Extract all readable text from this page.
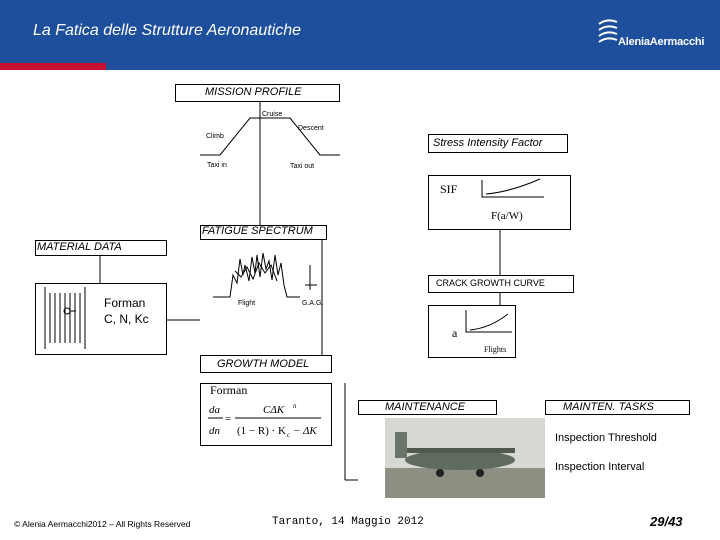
La Fatica delle Strutture Aeronautiche
AleniaAermacchi
MISSION PROFILE
Cruise
Descent
Climb
Taxi in	Taxi out
Stress Intensity Factor
SIF
F(a/W)
FATIGUE SPECTRUM
Flight	G.A.G.
MATERIAL DATA
Forman
C, N, Kc
CRACK GROWTH CURVE
a
Flights
GROWTH MODEL
Forman
da
dn
CΔK n
(1 − R) · K c − ΔK
=
MAINTENANCE	MAINTEN. TASKS
Inspection Threshold
Inspection Interval
© Alenia Aermacchi2012 – All Rights Reserved	Taranto, 14 Maggio 2012	29/43
